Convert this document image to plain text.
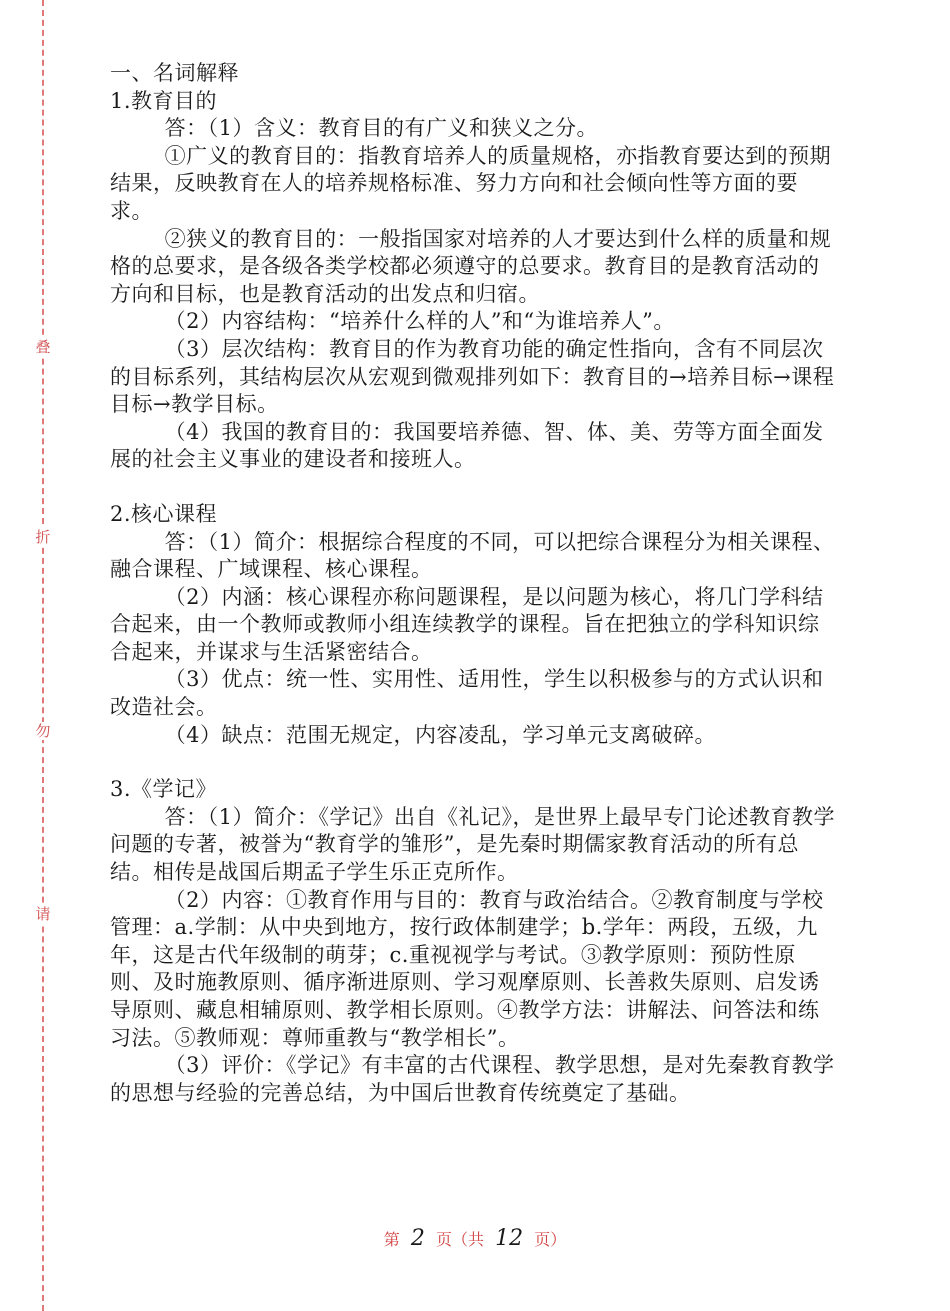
叠
折
勿
请
一、名词解释
1.教育目的

答：（1）含义：教育目的有广义和狭义之分。

①广义的教育目的：指教育培养人的质量规格，亦指教育要达到的预期结果，反映教育在人的培养规格标准、努力方向和社会倾向性等方面的要求。

②狭义的教育目的：一般指国家对培养的人才要达到什么样的质量和规格的总要求，是各级各类学校都必须遵守的总要求。教育目的是教育活动的方向和目标，也是教育活动的出发点和归宿。

（2）内容结构：“培养什么样的人”和“为谁培养人”。

（3）层次结构：教育目的作为教育功能的确定性指向，含有不同层次的目标系列，其结构层次从宏观到微观排列如下：教育目的→培养目标→课程目标→教学目标。

（4）我国的教育目的：我国要培养德、智、体、美、劳等方面全面发展的社会主义事业的建设者和接班人。

2.核心课程

答：（1）简介：根据综合程度的不同，可以把综合课程分为相关课程、融合课程、广域课程、核心课程。

（2）内涵：核心课程亦称问题课程，是以问题为核心，将几门学科结合起来，由一个教师或教师小组连续教学的课程。旨在把独立的学科知识综合起来，并谋求与生活紧密结合。

（3）优点：统一性、实用性、适用性，学生以积极参与的方式认识和改造社会。

（4）缺点：范围无规定，内容凌乱，学习单元支离破碎。

3.《学记》

答：（1）简介：《学记》出自《礼记》，是世界上最早专门论述教育教学问题的专著，被誉为“教育学的雏形”，是先秦时期儒家教育活动的所有总结。相传是战国后期孟子学生乐正克所作。

（2）内容：①教育作用与目的：教育与政治结合。②教育制度与学校管理：a.学制：从中央到地方，按行政体制建学；b.学年：两段，五级，九年，这是古代年级制的萌芽；c.重视视学与考试。③教学原则：预防性原则、及时施教原则、循序渐进原则、学习观摩原则、长善救失原则、启发诱导原则、藏息相辅原则、教学相长原则。④教学方法：讲解法、问答法和练习法。⑤教师观：尊师重教与“教学相长”。

（3）评价：《学记》有丰富的古代课程、教学思想，是对先秦教育教学的思想与经验的完善总结，为中国后世教育传统奠定了基础。

第 2 页（共 12 页）
